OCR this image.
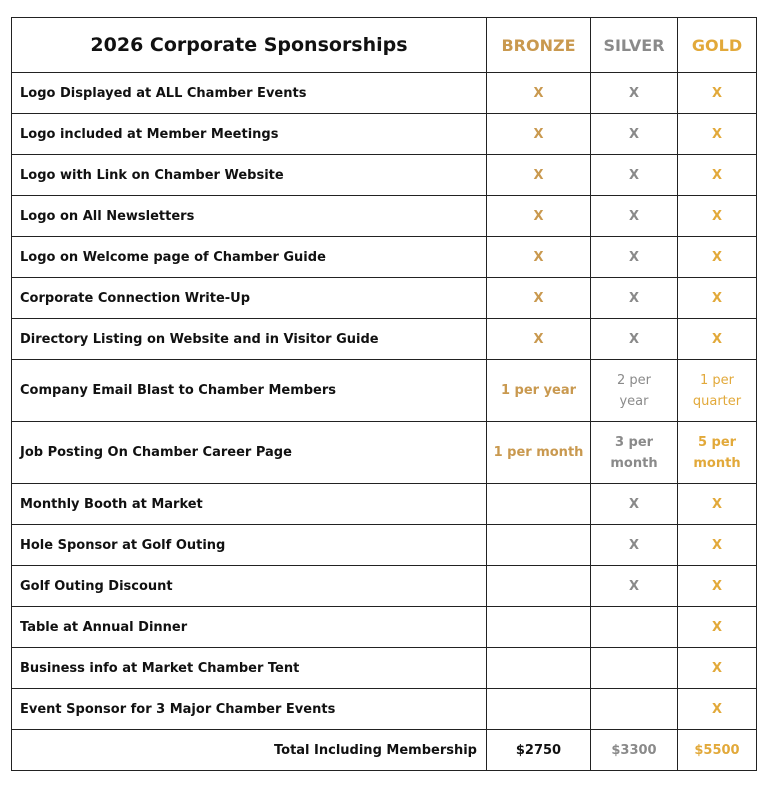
2026 Corporate Sponsorships	BRONZE	SILVER	GOLD
Logo Displayed at ALL Chamber Events	X	X	X
Logo included at Member Meetings	X	X	X
Logo with Link on Chamber Website	X	X	X
Logo on All Newsletters	X	X	X
Logo on Welcome page of Chamber Guide	X	X	X
Corporate Connection Write-Up	X	X	X
Directory Listing on Website and in Visitor Guide	X	X	X
Company Email Blast to Chamber Members	1 per year	2 per year	1 per quarter
Job Posting On Chamber Career Page	1 per month	3 per month	5 per month
Monthly Booth at Market		X	X
Hole Sponsor at Golf Outing		X	X
Golf Outing Discount		X	X
Table at Annual Dinner			X
Business info at Market Chamber Tent			X
Event Sponsor for 3 Major Chamber Events			X
Total Including Membership	$2750	$3300	$5500
